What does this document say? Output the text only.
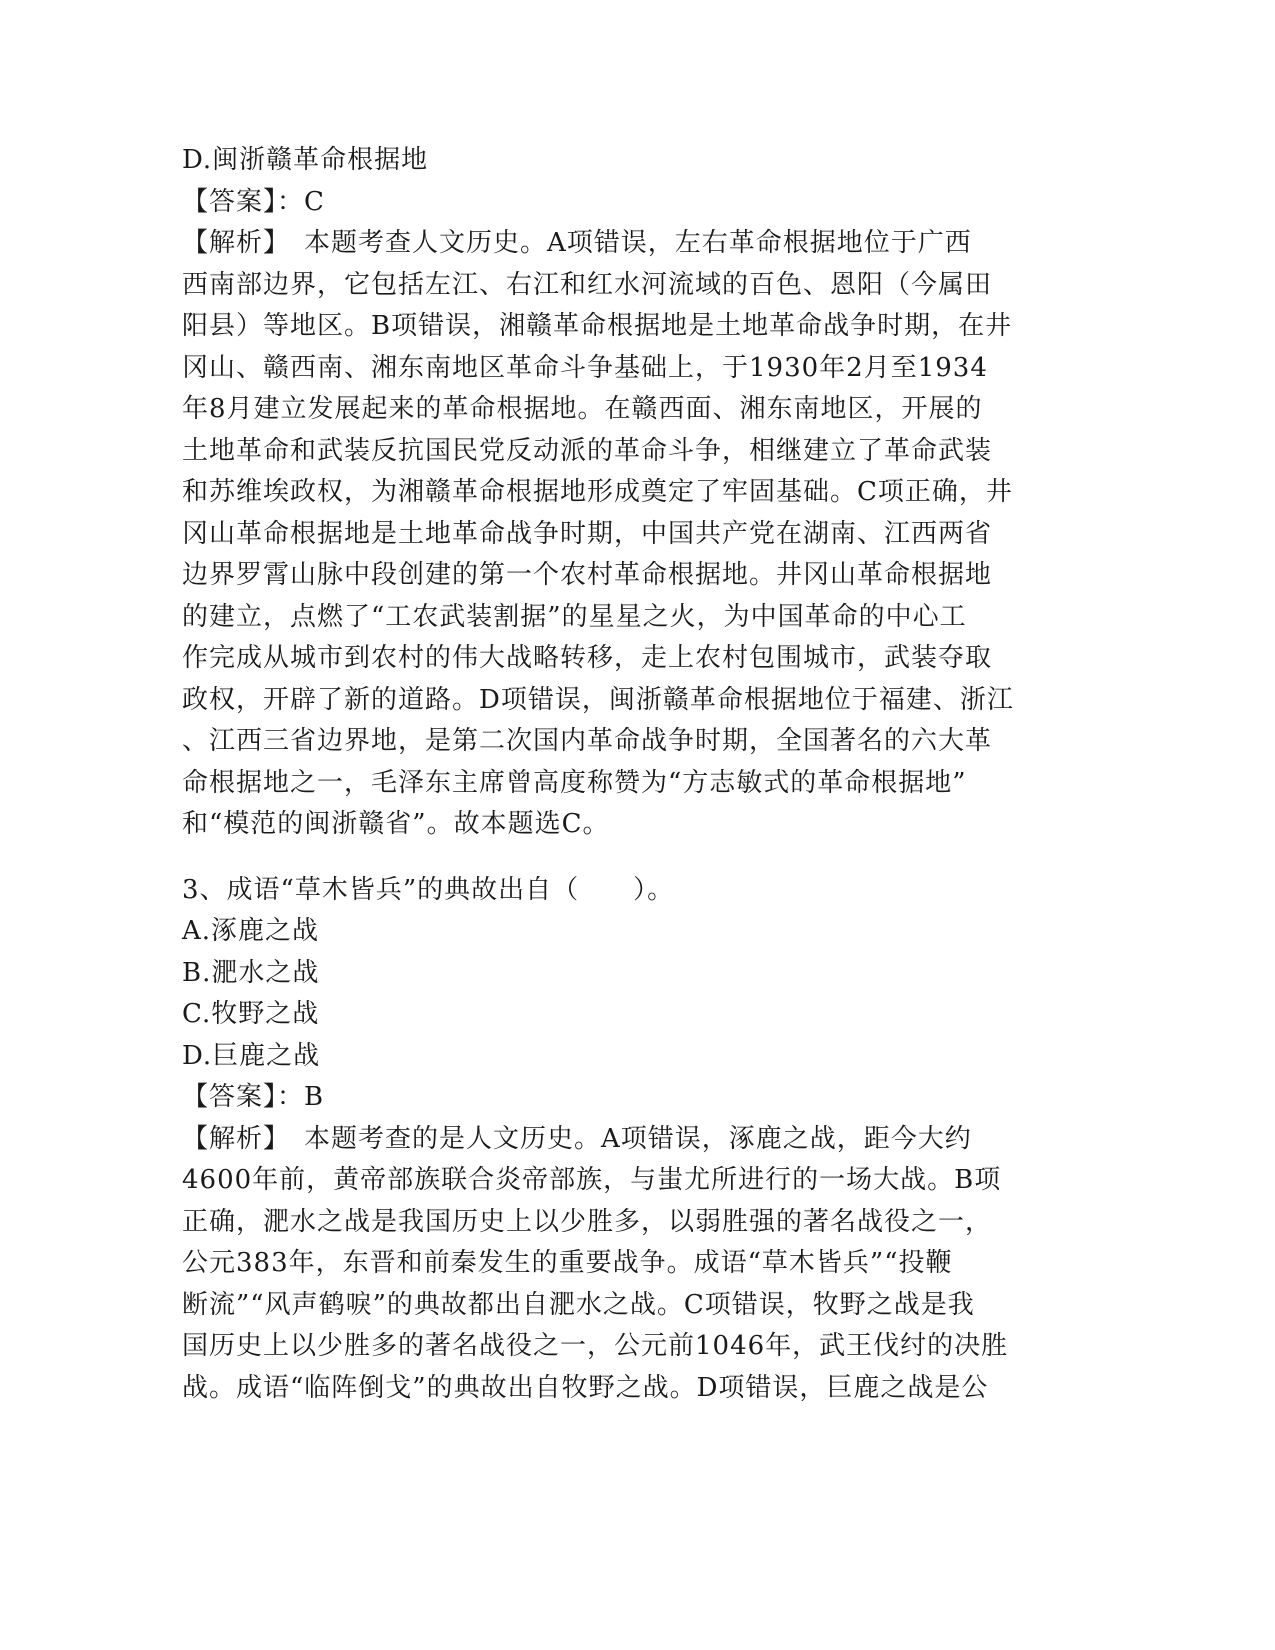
D.闽浙赣革命根据地

【答案】：C

【解析】　本题考查人文历史。A项错误，左右革命根据地位于广西

西南部边界，它包括左江、右江和红水河流域的百色、恩阳（今属田

阳县）等地区。B项错误，湘赣革命根据地是土地革命战争时期，在井

冈山、赣西南、湘东南地区革命斗争基础上，于1930年2月至1934

年8月建立发展起来的革命根据地。在赣西面、湘东南地区，开展的

土地革命和武装反抗国民党反动派的革命斗争，相继建立了革命武装

和苏维埃政权，为湘赣革命根据地形成奠定了牢固基础。C项正确，井

冈山革命根据地是土地革命战争时期，中国共产党在湖南、江西两省

边界罗霄山脉中段创建的第一个农村革命根据地。井冈山革命根据地

的建立，点燃了“工农武装割据”的星星之火，为中国革命的中心工

作完成从城市到农村的伟大战略转移，走上农村包围城市，武装夺取

政权，开辟了新的道路。D项错误，闽浙赣革命根据地位于福建、浙江

、江西三省边界地，是第二次国内革命战争时期，全国著名的六大革

命根据地之一，毛泽东主席曾高度称赞为“方志敏式的革命根据地”

和“模范的闽浙赣省”。故本题选C。

3、成语“草木皆兵”的典故出自（　　）。

A.涿鹿之战

B.淝水之战

C.牧野之战

D.巨鹿之战

【答案】：B

【解析】　本题考查的是人文历史。A项错误，涿鹿之战，距今大约

4600年前，黄帝部族联合炎帝部族，与蚩尤所进行的一场大战。B项

正确，淝水之战是我国历史上以少胜多，以弱胜强的著名战役之一，

公元383年，东晋和前秦发生的重要战争。成语“草木皆兵”“投鞭

断流”“风声鹤唳”的典故都出自淝水之战。C项错误，牧野之战是我

国历史上以少胜多的著名战役之一，公元前1046年，武王伐纣的决胜

战。成语“临阵倒戈”的典故出自牧野之战。D项错误，巨鹿之战是公
